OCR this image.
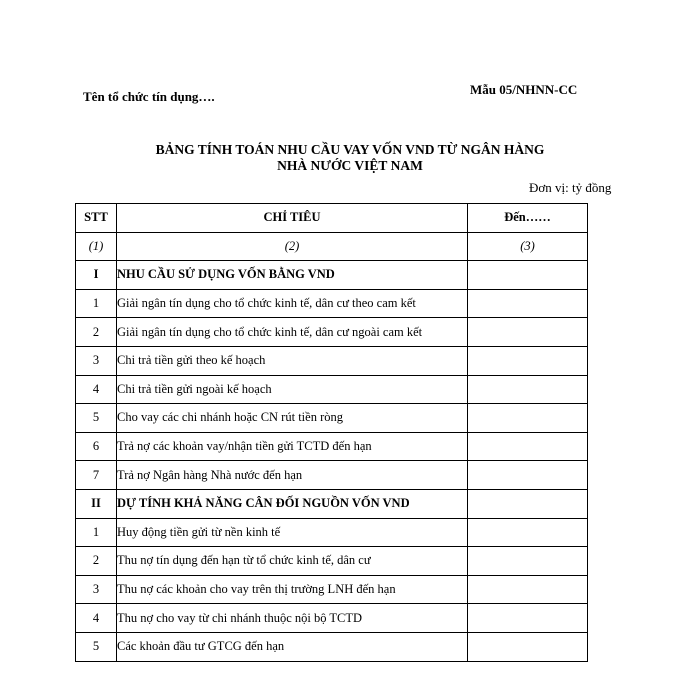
Tên tổ chức tín dụng….	Mẫu 05/NHNN-CC
BẢNG TÍNH TOÁN NHU CẦU VAY VỐN VND TỪ NGÂN HÀNG
NHÀ NƯỚC VIỆT NAM
Đơn vị: tỷ đồng
STT	CHỈ TIÊU	Đến……
(1)	(2)	(3)
I	NHU CẦU SỬ DỤNG VỐN BẰNG VND	
1	Giải ngân tín dụng cho tổ chức kinh tế, dân cư theo cam kết	
2	Giải ngân tín dụng cho tổ chức kinh tế, dân cư ngoài cam kết	
3	Chi trả tiền gửi theo kế hoạch	
4	Chi trả tiền gửi ngoài kế hoạch	
5	Cho vay các chi nhánh hoặc CN rút tiền ròng	
6	Trả nợ các khoản vay/nhận tiền gửi TCTD đến hạn	
7	Trả nợ Ngân hàng Nhà nước đến hạn	
II	DỰ TÍNH KHẢ NĂNG CÂN ĐỐI NGUỒN VỐN VND	
1	Huy động tiền gửi từ nền kinh tế	
2	Thu nợ tín dụng đến hạn từ tổ chức kinh tế, dân cư	
3	Thu nợ các khoản cho vay trên thị trường LNH đến hạn	
4	Thu nợ cho vay từ chi nhánh thuộc nội bộ TCTD	
5	Các khoản đầu tư GTCG đến hạn	
